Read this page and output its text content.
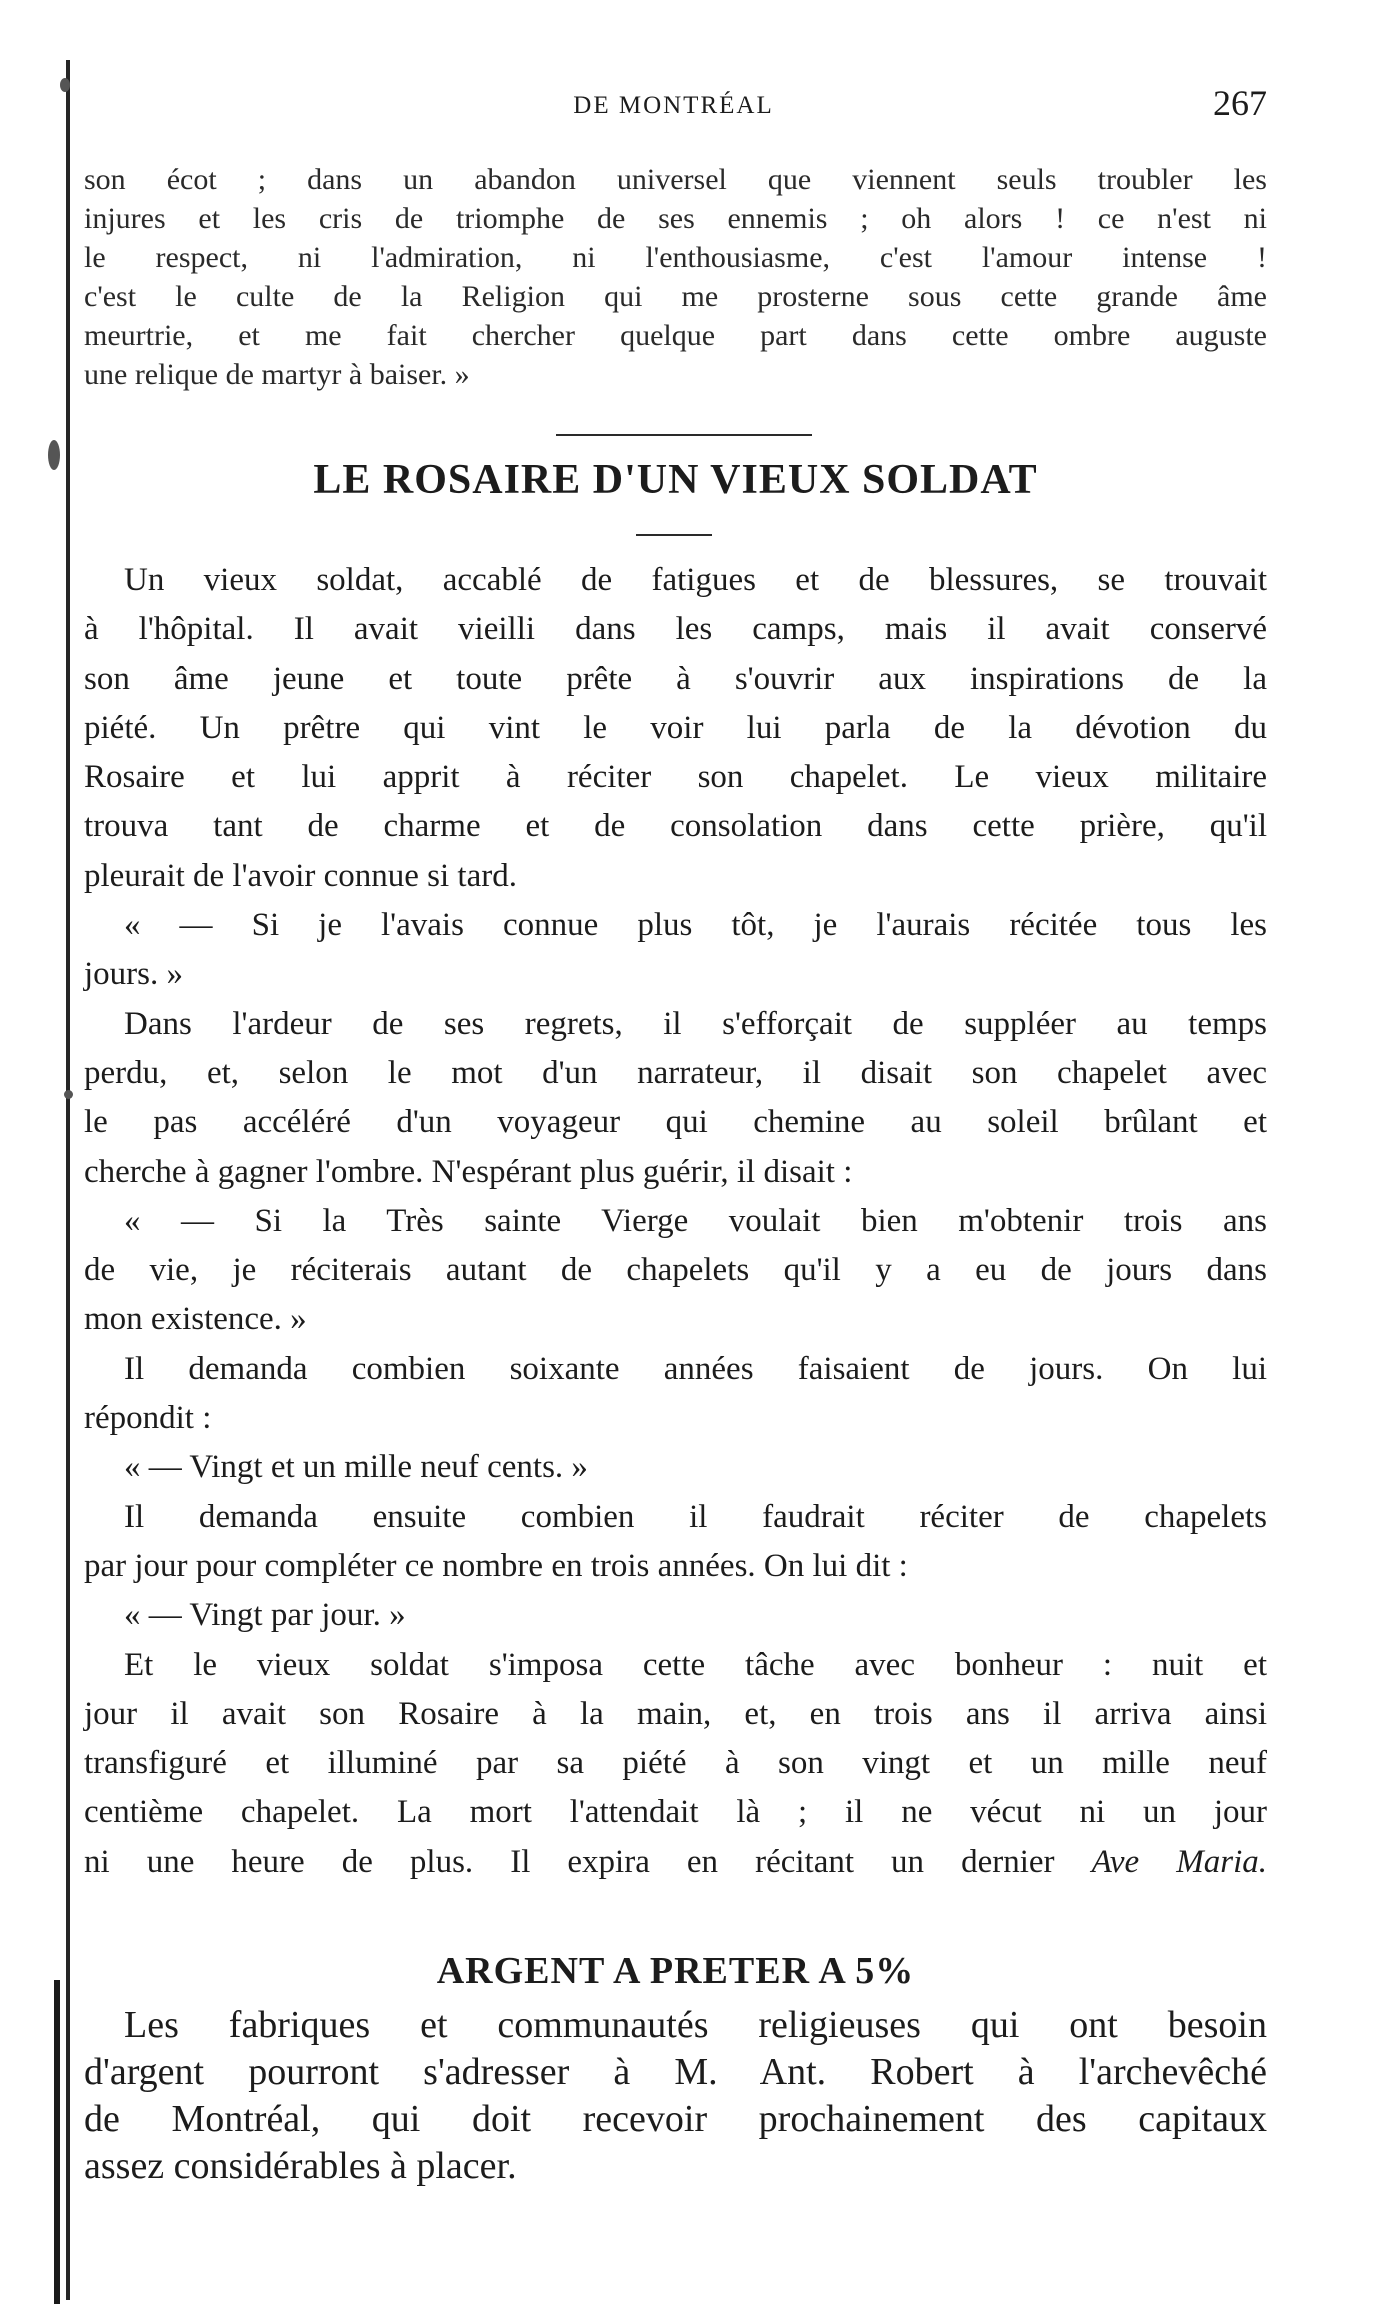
DE MONTRÉAL	267
son écot ; dans un abandon universel que viennent seuls troubler les
injures et les cris de triomphe de ses ennemis ; oh alors ! ce n'est ni
le respect, ni l'admiration, ni l'enthousiasme, c'est l'amour intense !
c'est le culte de la Religion qui me prosterne sous cette grande âme
meurtrie, et me fait chercher quelque part dans cette ombre auguste
une relique de martyr à baiser. »
LE ROSAIRE D'UN VIEUX SOLDAT
Un vieux soldat, accablé de fatigues et de blessures, se trouvait
à l'hôpital. Il avait vieilli dans les camps, mais il avait conservé
son âme jeune et toute prête à s'ouvrir aux inspirations de la
piété. Un prêtre qui vint le voir lui parla de la dévotion du
Rosaire et lui apprit à réciter son chapelet. Le vieux militaire
trouva tant de charme et de consolation dans cette prière, qu'il
pleurait de l'avoir connue si tard.
« — Si je l'avais connue plus tôt, je l'aurais récitée tous les
jours. »
Dans l'ardeur de ses regrets, il s'efforçait de suppléer au temps
perdu, et, selon le mot d'un narrateur, il disait son chapelet avec
le pas accéléré d'un voyageur qui chemine au soleil brûlant et
cherche à gagner l'ombre. N'espérant plus guérir, il disait :
« — Si la Très sainte Vierge voulait bien m'obtenir trois ans
de vie, je réciterais autant de chapelets qu'il y a eu de jours dans
mon existence. »
Il demanda combien soixante années faisaient de jours. On lui
répondit :
« — Vingt et un mille neuf cents. »
Il demanda ensuite combien il faudrait réciter de chapelets
par jour pour compléter ce nombre en trois années. On lui dit :
« — Vingt par jour. »
Et le vieux soldat s'imposa cette tâche avec bonheur : nuit et
jour il avait son Rosaire à la main, et, en trois ans il arriva ainsi
transfiguré et illuminé par sa piété à son vingt et un mille neuf
centième chapelet. La mort l'attendait là ; il ne vécut ni un jour
ni une heure de plus. Il expira en récitant un dernier Ave Maria.
ARGENT A PRETER A 5%
Les fabriques et communautés religieuses qui ont besoin
d'argent pourront s'adresser à M. Ant. Robert à l'archevêché
de Montréal, qui doit recevoir prochainement des capitaux
assez considérables à placer.
